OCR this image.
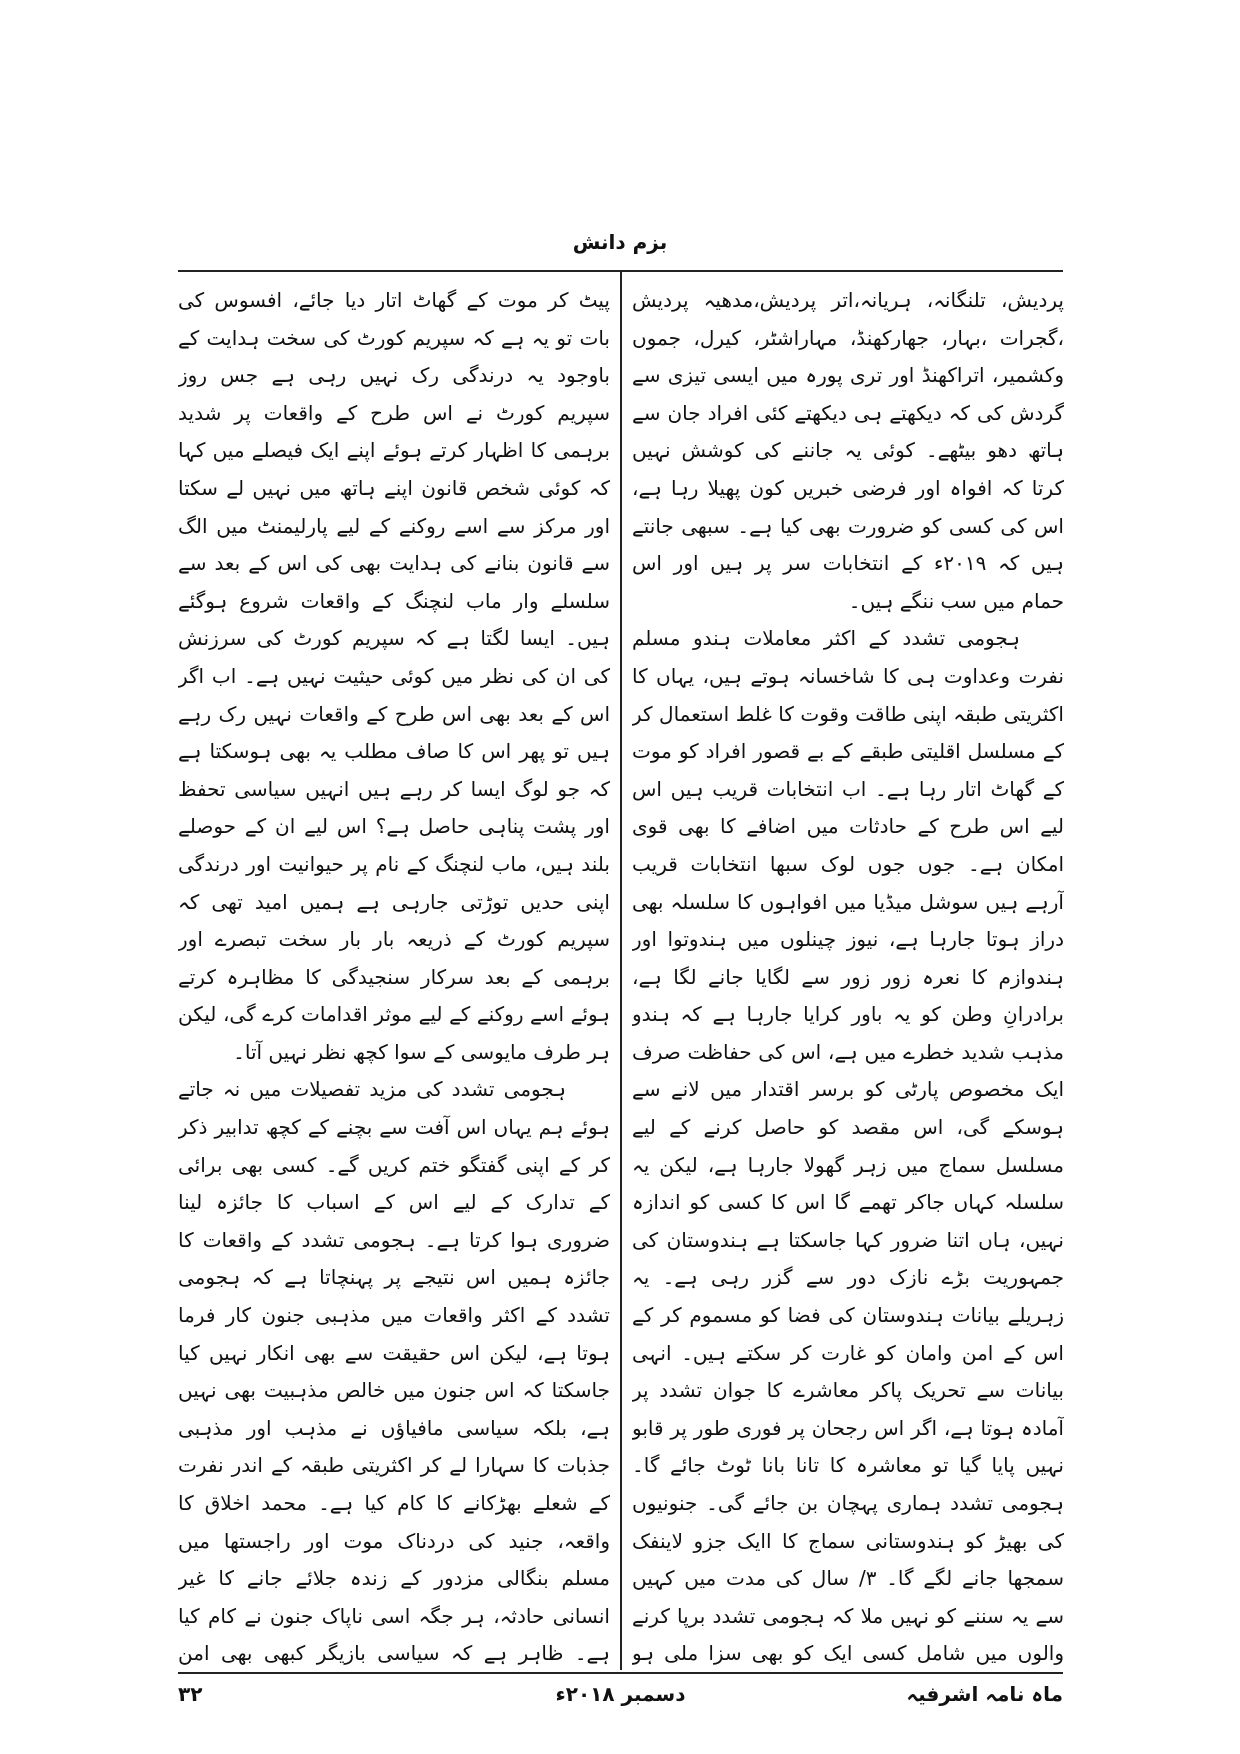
بزم دانش

پردیش، تلنگانہ، ہریانہ،اتر پردیش،مدھیہ پردیش ،گجرات ،بہار، جھارکھنڈ، مہاراشٹر، کیرل، جموں وکشمیر، اتراکھنڈ اور تری پورہ میں ایسی تیزی سے گردش کی کہ دیکھتے ہی دیکھتے کئی افراد جان سے ہاتھ دھو بیٹھے۔ کوئی یہ جاننے کی کوشش نہیں کرتا کہ افواہ اور فرضی خبریں کون پھیلا رہا ہے، اس کی کسی کو ضرورت بھی کیا ہے۔ سبھی جانتے ہیں کہ ۲۰۱۹ء کے انتخابات سر پر ہیں اور اس حمام میں سب ننگے ہیں۔

ہجومی تشدد کے اکثر معاملات ہندو مسلم نفرت وعداوت ہی کا شاخسانہ ہوتے ہیں، یہاں کا اکثریتی طبقہ اپنی طاقت وقوت کا غلط استعمال کر کے مسلسل اقلیتی طبقے کے بے قصور افراد کو موت کے گھاٹ اتار رہا ہے۔ اب انتخابات قریب ہیں اس لیے اس طرح کے حادثات میں اضافے کا بھی قوی امکان ہے۔ جوں جوں لوک سبھا انتخابات قریب آرہے ہیں سوشل میڈیا میں افواہوں کا سلسلہ بھی دراز ہوتا جارہا ہے، نیوز چینلوں میں ہندوتوا اور ہندوازم کا نعرہ زور زور سے لگایا جانے لگا ہے، برادرانِ وطن کو یہ باور کرایا جارہا ہے کہ ہندو مذہب شدید خطرے میں ہے، اس کی حفاظت صرف ایک مخصوص پارٹی کو برسر اقتدار میں لانے سے ہوسکے گی، اس مقصد کو حاصل کرنے کے لیے مسلسل سماج میں زہر گھولا جارہا ہے، لیکن یہ سلسلہ کہاں جاکر تھمے گا اس کا کسی کو اندازہ نہیں، ہاں اتنا ضرور کہا جاسکتا ہے ہندوستان کی جمہوریت بڑے نازک دور سے گزر رہی ہے۔ یہ زہریلے بیانات ہندوستان کی فضا کو مسموم کر کے اس کے امن وامان کو غارت کر سکتے ہیں۔ انہی بیانات سے تحریک پاکر معاشرے کا جوان تشدد پر آمادہ ہوتا ہے، اگر اس رجحان پر فوری طور پر قابو نہیں پایا گیا تو معاشرہ کا تانا بانا ٹوٹ جائے گا۔ ہجومی تشدد ہماری پہچان بن جائے گی۔ جنونیوں کی بھیڑ کو ہندوستانی سماج کا اایک جزو لاینفک سمجھا جانے لگے گا۔ ۳/ سال کی مدت میں کہیں سے یہ سننے کو نہیں ملا کہ ہجومی تشدد برپا کرنے والوں میں شامل کسی ایک کو بھی سزا ملی ہو

پیٹ کر موت کے گھاٹ اتار دیا جائے، افسوس کی بات تو یہ ہے کہ سپریم کورٹ کی سخت ہدایت کے باوجود یہ درندگی رک نہیں رہی ہے جس روز سپریم کورٹ نے اس طرح کے واقعات پر شدید برہمی کا اظہار کرتے ہوئے اپنے ایک فیصلے میں کہا کہ کوئی شخص قانون اپنے ہاتھ میں نہیں لے سکتا اور مرکز سے اسے روکنے کے لیے پارلیمنٹ میں الگ سے قانون بنانے کی ہدایت بھی کی اس کے بعد سے سلسلے وار ماب لنچنگ کے واقعات شروع ہوگئے ہیں۔ ایسا لگتا ہے کہ سپریم کورٹ کی سرزنش کی ان کی نظر میں کوئی حیثیت نہیں ہے۔ اب اگر اس کے بعد بھی اس طرح کے واقعات نہیں رک رہے ہیں تو پھر اس کا صاف مطلب یہ بھی ہوسکتا ہے کہ جو لوگ ایسا کر رہے ہیں انہیں سیاسی تحفظ اور پشت پناہی حاصل ہے؟ اس لیے ان کے حوصلے بلند ہیں، ماب لنچنگ کے نام پر حیوانیت اور درندگی اپنی حدیں توڑتی جارہی ہے ہمیں امید تھی کہ سپریم کورٹ کے ذریعہ بار بار سخت تبصرے اور برہمی کے بعد سرکار سنجیدگی کا مظاہرہ کرتے ہوئے اسے روکنے کے لیے موثر اقدامات کرے گی، لیکن ہر طرف مایوسی کے سوا کچھ نظر نہیں آتا۔

ہجومی تشدد کی مزید تفصیلات میں نہ جاتے ہوئے ہم یہاں اس آفت سے بچنے کے کچھ تدابیر ذکر کر کے اپنی گفتگو ختم کریں گے۔ کسی بھی برائی کے تدارک کے لیے اس کے اسباب کا جائزہ لینا ضروری ہوا کرتا ہے۔ ہجومی تشدد کے واقعات کا جائزہ ہمیں اس نتیجے پر پہنچاتا ہے کہ ہجومی تشدد کے اکثر واقعات میں مذہبی جنون کار فرما ہوتا ہے، لیکن اس حقیقت سے بھی انکار نہیں کیا جاسکتا کہ اس جنون میں خالص مذہبیت بھی نہیں ہے، بلکہ سیاسی مافیاؤں نے مذہب اور مذہبی جذبات کا سہارا لے کر اکثریتی طبقہ کے اندر نفرت کے شعلے بھڑکانے کا کام کیا ہے۔ محمد اخلاق کا واقعہ، جنید کی دردناک موت اور راجستھا میں مسلم بنگالی مزدور کے زندہ جلائے جانے کا غیر انسانی حادثہ، ہر جگہ اسی ناپاک جنون نے کام کیا ہے۔ ظاہر ہے کہ سیاسی بازیگر کبھی بھی امن

ماہ نامہ اشرفیہ
دسمبر ۲۰۱۸ء
۳۲
